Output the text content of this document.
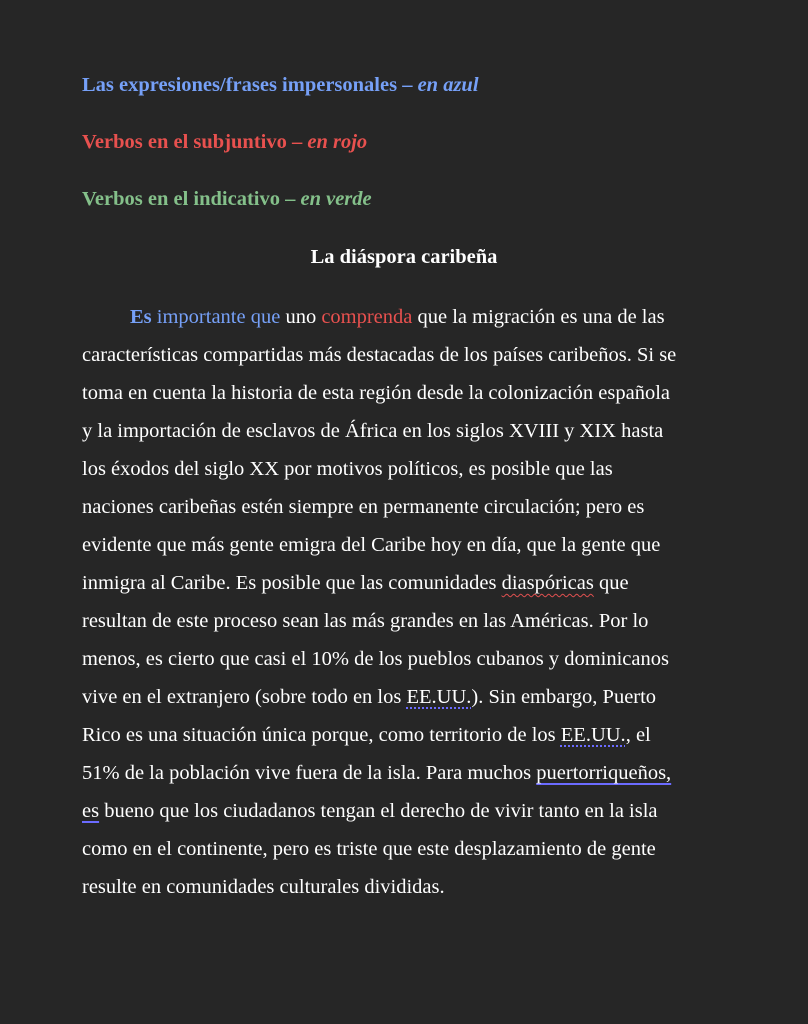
Las expresiones/frases impersonales – en azul
Verbos en el subjuntivo – en rojo
Verbos en el indicativo – en verde
La diáspora caribeña
Es importante que uno comprenda que la migración es una de las
características compartidas más destacadas de los países caribeños. Si se
toma en cuenta la historia de esta región desde la colonización española
y la importación de esclavos de África en los siglos XVIII y XIX hasta
los éxodos del siglo XX por motivos políticos, es posible que las
naciones caribeñas estén siempre en permanente circulación; pero es
evidente que más gente emigra del Caribe hoy en día, que la gente que
inmigra al Caribe. Es posible que las comunidades diaspóricas que
resultan de este proceso sean las más grandes en las Américas. Por lo
menos, es cierto que casi el 10% de los pueblos cubanos y dominicanos
vive en el extranjero (sobre todo en los EE.UU.). Sin embargo, Puerto
Rico es una situación única porque, como territorio de los EE.UU., el
51% de la población vive fuera de la isla. Para muchos puertorriqueños,
es bueno que los ciudadanos tengan el derecho de vivir tanto en la isla
como en el continente, pero es triste que este desplazamiento de gente
resulte en comunidades culturales divididas.
